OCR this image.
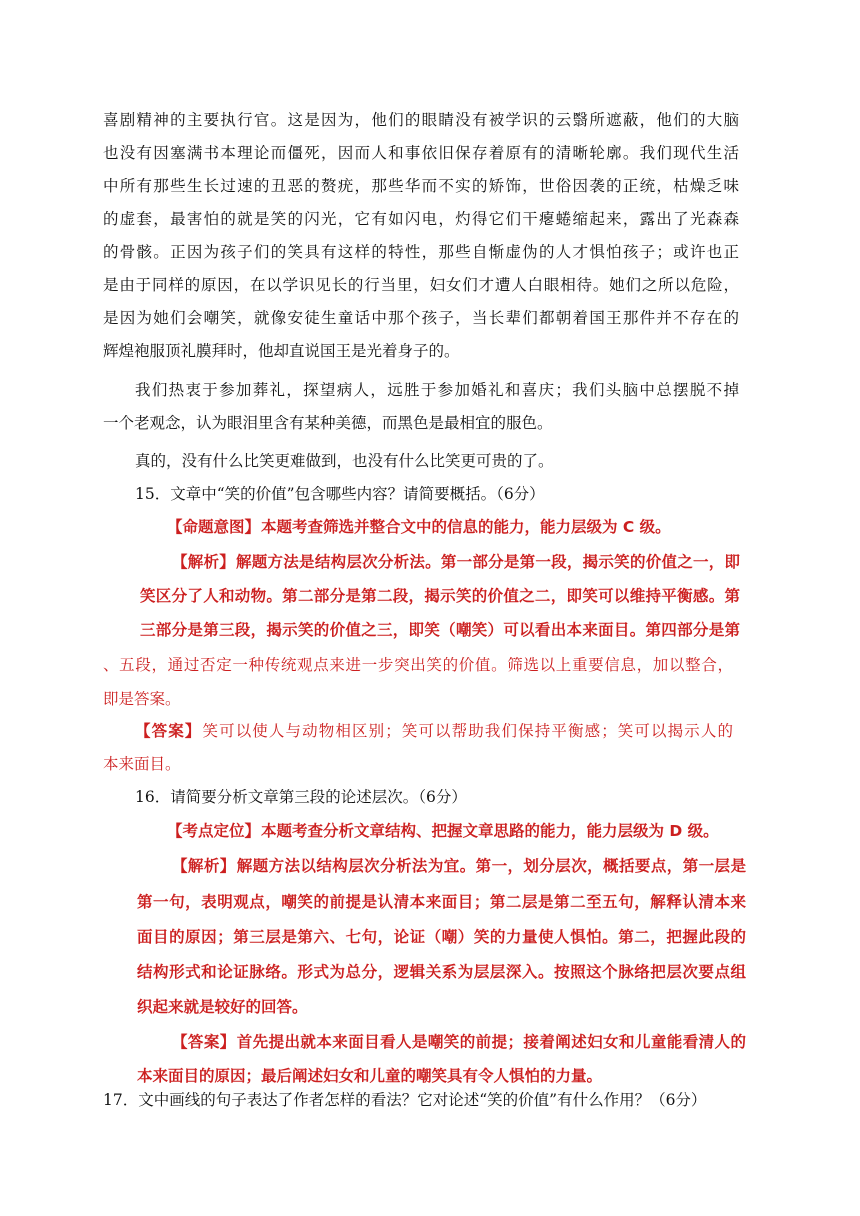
喜剧精神的主要执行官。这是因为，他们的眼睛没有被学识的云翳所遮蔽，他们的大脑
也没有因塞满书本理论而僵死，因而人和事依旧保存着原有的清晰轮廓。我们现代生活
中所有那些生长过速的丑恶的赘疣，那些华而不实的矫饰，世俗因袭的正统，枯燥乏味
的虚套，最害怕的就是笑的闪光，它有如闪电，灼得它们干瘪蜷缩起来，露出了光森森
的骨骸。正因为孩子们的笑具有这样的特性，那些自惭虚伪的人才惧怕孩子；或许也正
是由于同样的原因，在以学识见长的行当里，妇女们才遭人白眼相待。她们之所以危险，
是因为她们会嘲笑，就像安徒生童话中那个孩子，当长辈们都朝着国王那件并不存在的
辉煌袍服顶礼膜拜时，他却直说国王是光着身子的。
我们热衷于参加葬礼，探望病人，远胜于参加婚礼和喜庆；我们头脑中总摆脱不掉
一个老观念，认为眼泪里含有某种美德，而黑色是最相宜的服色。
真的，没有什么比笑更难做到，也没有什么比笑更可贵的了。
15．文章中“笑的价值”包含哪些内容？请简要概括。（6分）
【命题意图】本题考查筛选并整合文中的信息的能力，能力层级为 C 级。
【解析】解题方法是结构层次分析法。第一部分是第一段，揭示笑的价值之一，即
笑区分了人和动物。第二部分是第二段，揭示笑的价值之二，即笑可以维持平衡感。第
三部分是第三段，揭示笑的价值之三，即笑（嘲笑）可以看出本来面目。第四部分是第
、五段，通过否定一种传统观点来进一步突出笑的价值。筛选以上重要信息，加以整合，
即是答案。
【答案】笑可以使人与动物相区别；笑可以帮助我们保持平衡感；笑可以揭示人的
本来面目。
16．请简要分析文章第三段的论述层次。（6分）
【考点定位】本题考查分析文章结构、把握文章思路的能力，能力层级为 D 级。
【解析】解题方法以结构层次分析法为宜。第一，划分层次，概括要点，第一层是
第一句，表明观点，嘲笑的前提是认清本来面目；第二层是第二至五句，解释认清本来
面目的原因；第三层是第六、七句，论证（嘲）笑的力量使人惧怕。第二，把握此段的
结构形式和论证脉络。形式为总分，逻辑关系为层层深入。按照这个脉络把层次要点组
织起来就是较好的回答。
【答案】首先提出就本来面目看人是嘲笑的前提；接着阐述妇女和儿童能看清人的
本来面目的原因；最后阐述妇女和儿童的嘲笑具有令人惧怕的力量。
17．文中画线的句子表达了作者怎样的看法？它对论述“笑的价值”有什么作用？（6分）
